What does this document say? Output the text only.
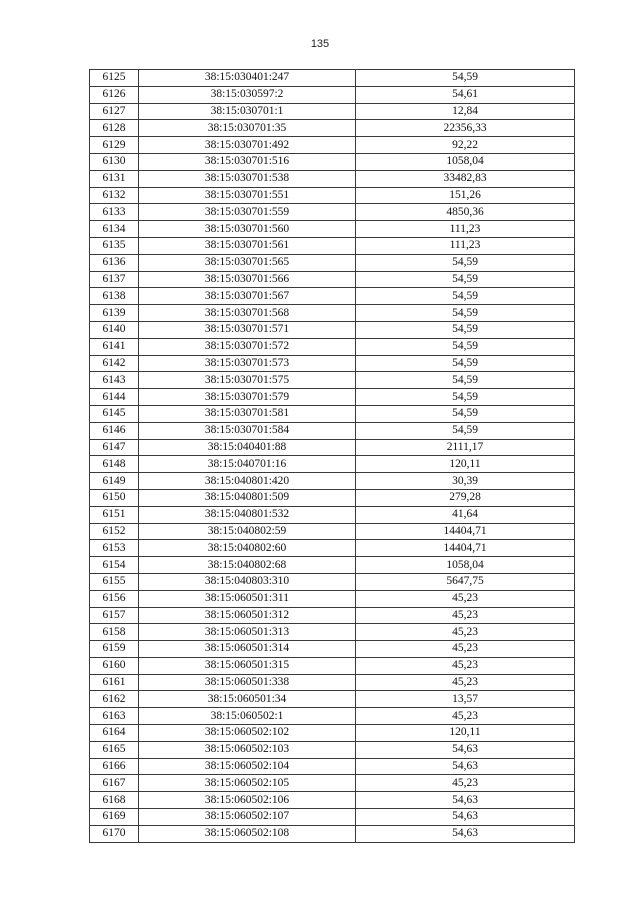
135
6125	38:15:030401:247	54,59
6126	38:15:030597:2	54,61
6127	38:15:030701:1	12,84
6128	38:15:030701:35	22356,33
6129	38:15:030701:492	92,22
6130	38:15:030701:516	1058,04
6131	38:15:030701:538	33482,83
6132	38:15:030701:551	151,26
6133	38:15:030701:559	4850,36
6134	38:15:030701:560	111,23
6135	38:15:030701:561	111,23
6136	38:15:030701:565	54,59
6137	38:15:030701:566	54,59
6138	38:15:030701:567	54,59
6139	38:15:030701:568	54,59
6140	38:15:030701:571	54,59
6141	38:15:030701:572	54,59
6142	38:15:030701:573	54,59
6143	38:15:030701:575	54,59
6144	38:15:030701:579	54,59
6145	38:15:030701:581	54,59
6146	38:15:030701:584	54,59
6147	38:15:040401:88	2111,17
6148	38:15:040701:16	120,11
6149	38:15:040801:420	30,39
6150	38:15:040801:509	279,28
6151	38:15:040801:532	41,64
6152	38:15:040802:59	14404,71
6153	38:15:040802:60	14404,71
6154	38:15:040802:68	1058,04
6155	38:15:040803:310	5647,75
6156	38:15:060501:311	45,23
6157	38:15:060501:312	45,23
6158	38:15:060501:313	45,23
6159	38:15:060501:314	45,23
6160	38:15:060501:315	45,23
6161	38:15:060501:338	45,23
6162	38:15:060501:34	13,57
6163	38:15:060502:1	45,23
6164	38:15:060502:102	120,11
6165	38:15:060502:103	54,63
6166	38:15:060502:104	54,63
6167	38:15:060502:105	45,23
6168	38:15:060502:106	54,63
6169	38:15:060502:107	54,63
6170	38:15:060502:108	54,63
